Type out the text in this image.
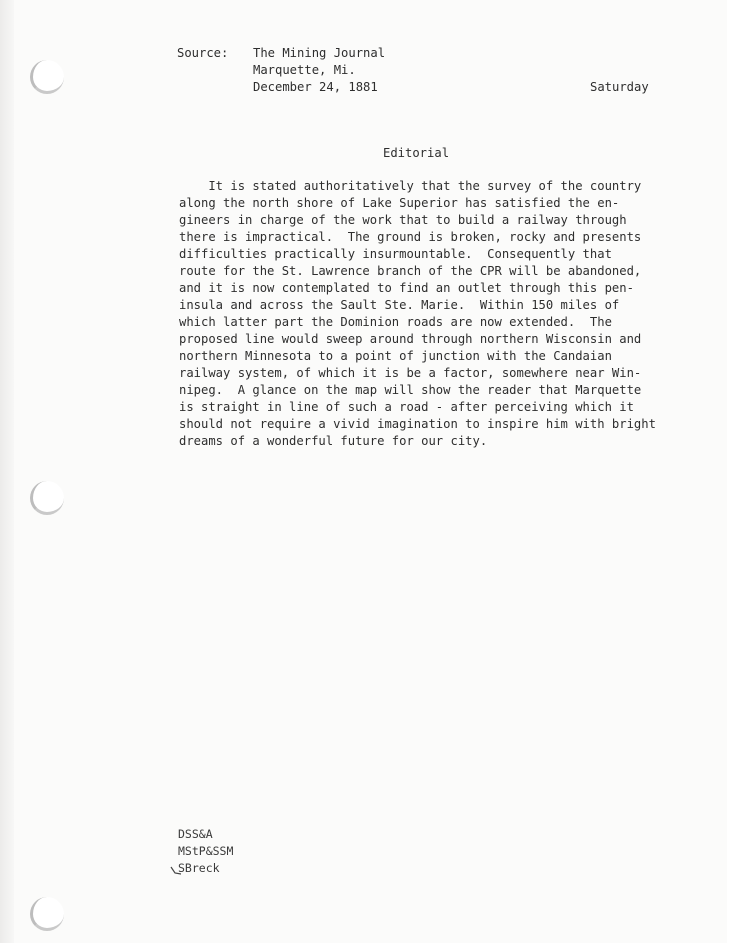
Source: The Mining Journal

Marquette, Mi.

December 24, 1881	Saturday

Editorial

It is stated authoritatively that the survey of the country
along the north shore of Lake Superior has satisfied the en-
gineers in charge of the work that to build a railway through
there is impractical.  The ground is broken, rocky and presents
difficulties practically insurmountable.  Consequently that
route for the St. Lawrence branch of the CPR will be abandoned,
and it is now contemplated to find an outlet through this pen-
insula and across the Sault Ste. Marie.  Within 150 miles of
which latter part the Dominion roads are now extended.  The
proposed line would sweep around through northern Wisconsin and
northern Minnesota to a point of junction with the Candaian
railway system, of which it is be a factor, somewhere near Win-
nipeg.  A glance on the map will show the reader that Marquette
is straight in line of such a road - after perceiving which it
should not require a vivid imagination to inspire him with bright
dreams of a wonderful future for our city.
DSS&A
MStP&SSM
SBreck
